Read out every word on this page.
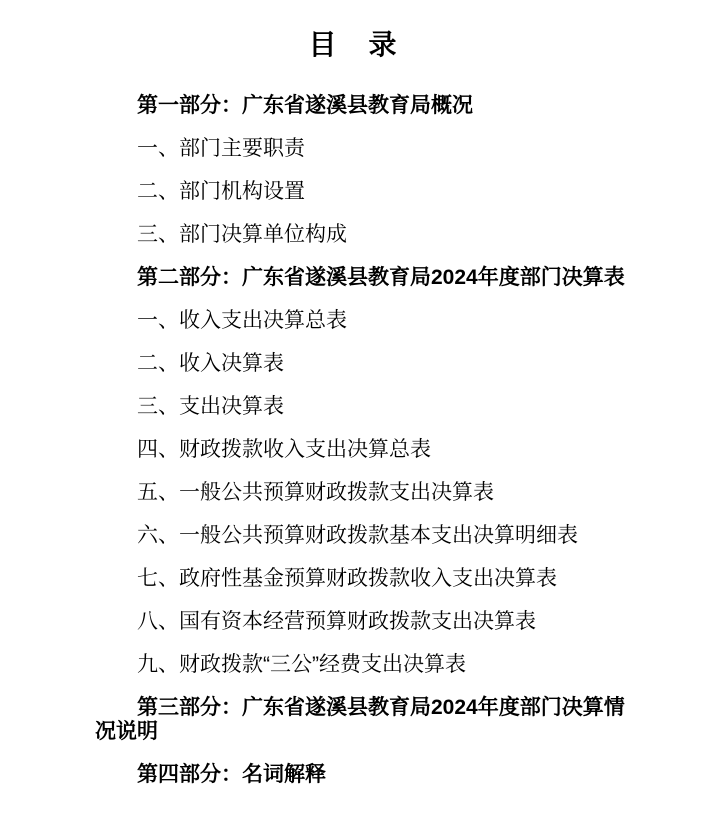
目　录

第一部分：广东省遂溪县教育局概况

一、部门主要职责

二、部门机构设置

三、部门决算单位构成

第二部分：广东省遂溪县教育局2024年度部门决算表

一、收入支出决算总表

二、收入决算表

三、支出决算表

四、财政拨款收入支出决算总表

五、一般公共预算财政拨款支出决算表

六、一般公共预算财政拨款基本支出决算明细表

七、政府性基金预算财政拨款收入支出决算表

八、国有资本经营预算财政拨款支出决算表

九、财政拨款“三公”经费支出决算表

第三部分：广东省遂溪县教育局2024年度部门决算情况说明

第四部分：名词解释
